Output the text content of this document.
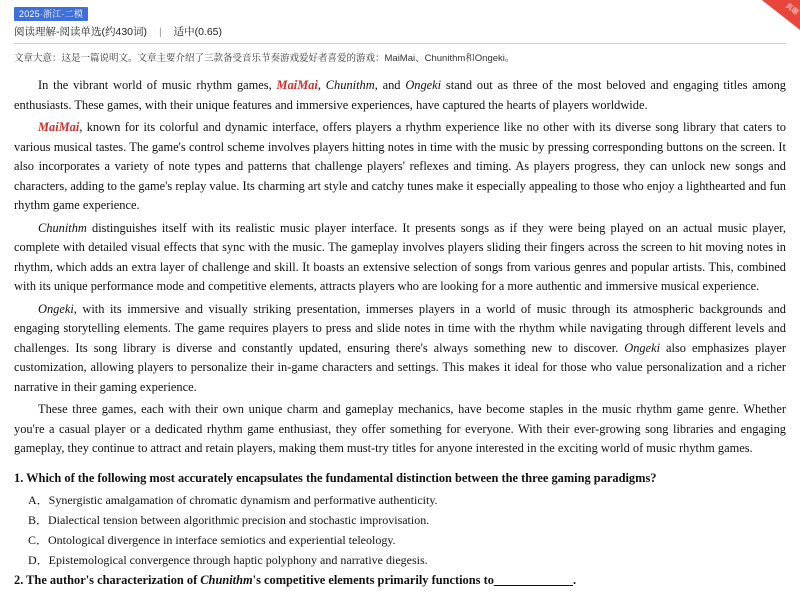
真题
2025·浙江·二模
阅读理解-阅读单选(约430词) | 适中(0.65)
文章大意：这是一篇说明文。文章主要介绍了三款备受音乐节奏游戏爱好者喜爱的游戏：MaiMai、Chunithm和Ongeki。

In the vibrant world of music rhythm games, MaiMai, Chunithm, and Ongeki stand out as three of the most beloved and engaging titles among enthusiasts. These games, with their unique features and immersive experiences, have captured the hearts of players worldwide.

MaiMai, known for its colorful and dynamic interface, offers players a rhythm experience like no other with its diverse song library that caters to various musical tastes. The game's control scheme involves players hitting notes in time with the music by pressing corresponding buttons on the screen. It also incorporates a variety of note types and patterns that challenge players' reflexes and timing. As players progress, they can unlock new songs and characters, adding to the game's replay value. Its charming art style and catchy tunes make it especially appealing to those who enjoy a lighthearted and fun rhythm game experience.

Chunithm distinguishes itself with its realistic music player interface. It presents songs as if they were being played on an actual music player, complete with detailed visual effects that sync with the music. The gameplay involves players sliding their fingers across the screen to hit moving notes in rhythm, which adds an extra layer of challenge and skill. It boasts an extensive selection of songs from various genres and popular artists. This, combined with its unique performance mode and competitive elements, attracts players who are looking for a more authentic and immersive musical experience.

Ongeki, with its immersive and visually striking presentation, immerses players in a world of music through its atmospheric backgrounds and engaging storytelling elements. The game requires players to press and slide notes in time with the rhythm while navigating through different levels and challenges. Its song library is diverse and constantly updated, ensuring there's always something new to discover. Ongeki also emphasizes player customization, allowing players to personalize their in-game characters and settings. This makes it ideal for those who value personalization and a richer narrative in their gaming experience.

These three games, each with their own unique charm and gameplay mechanics, have become staples in the music rhythm game genre. Whether you're a casual player or a dedicated rhythm game enthusiast, they offer something for everyone. With their ever-growing song libraries and engaging gameplay, they continue to attract and retain players, making them must-try titles for anyone interested in the exciting world of music rhythm games.

1. Which of the following most accurately encapsulates the fundamental distinction between the three gaming paradigms?

A．Synergistic amalgamation of chromatic dynamism and performative authenticity.

B．Dialectical tension between algorithmic precision and stochastic improvisation.

C．Ontological divergence in interface semiotics and experiential teleology.

D．Epistemological convergence through haptic polyphony and narrative diegesis.

2. The author's characterization of Chunithm's competitive elements primarily functions to___________.
